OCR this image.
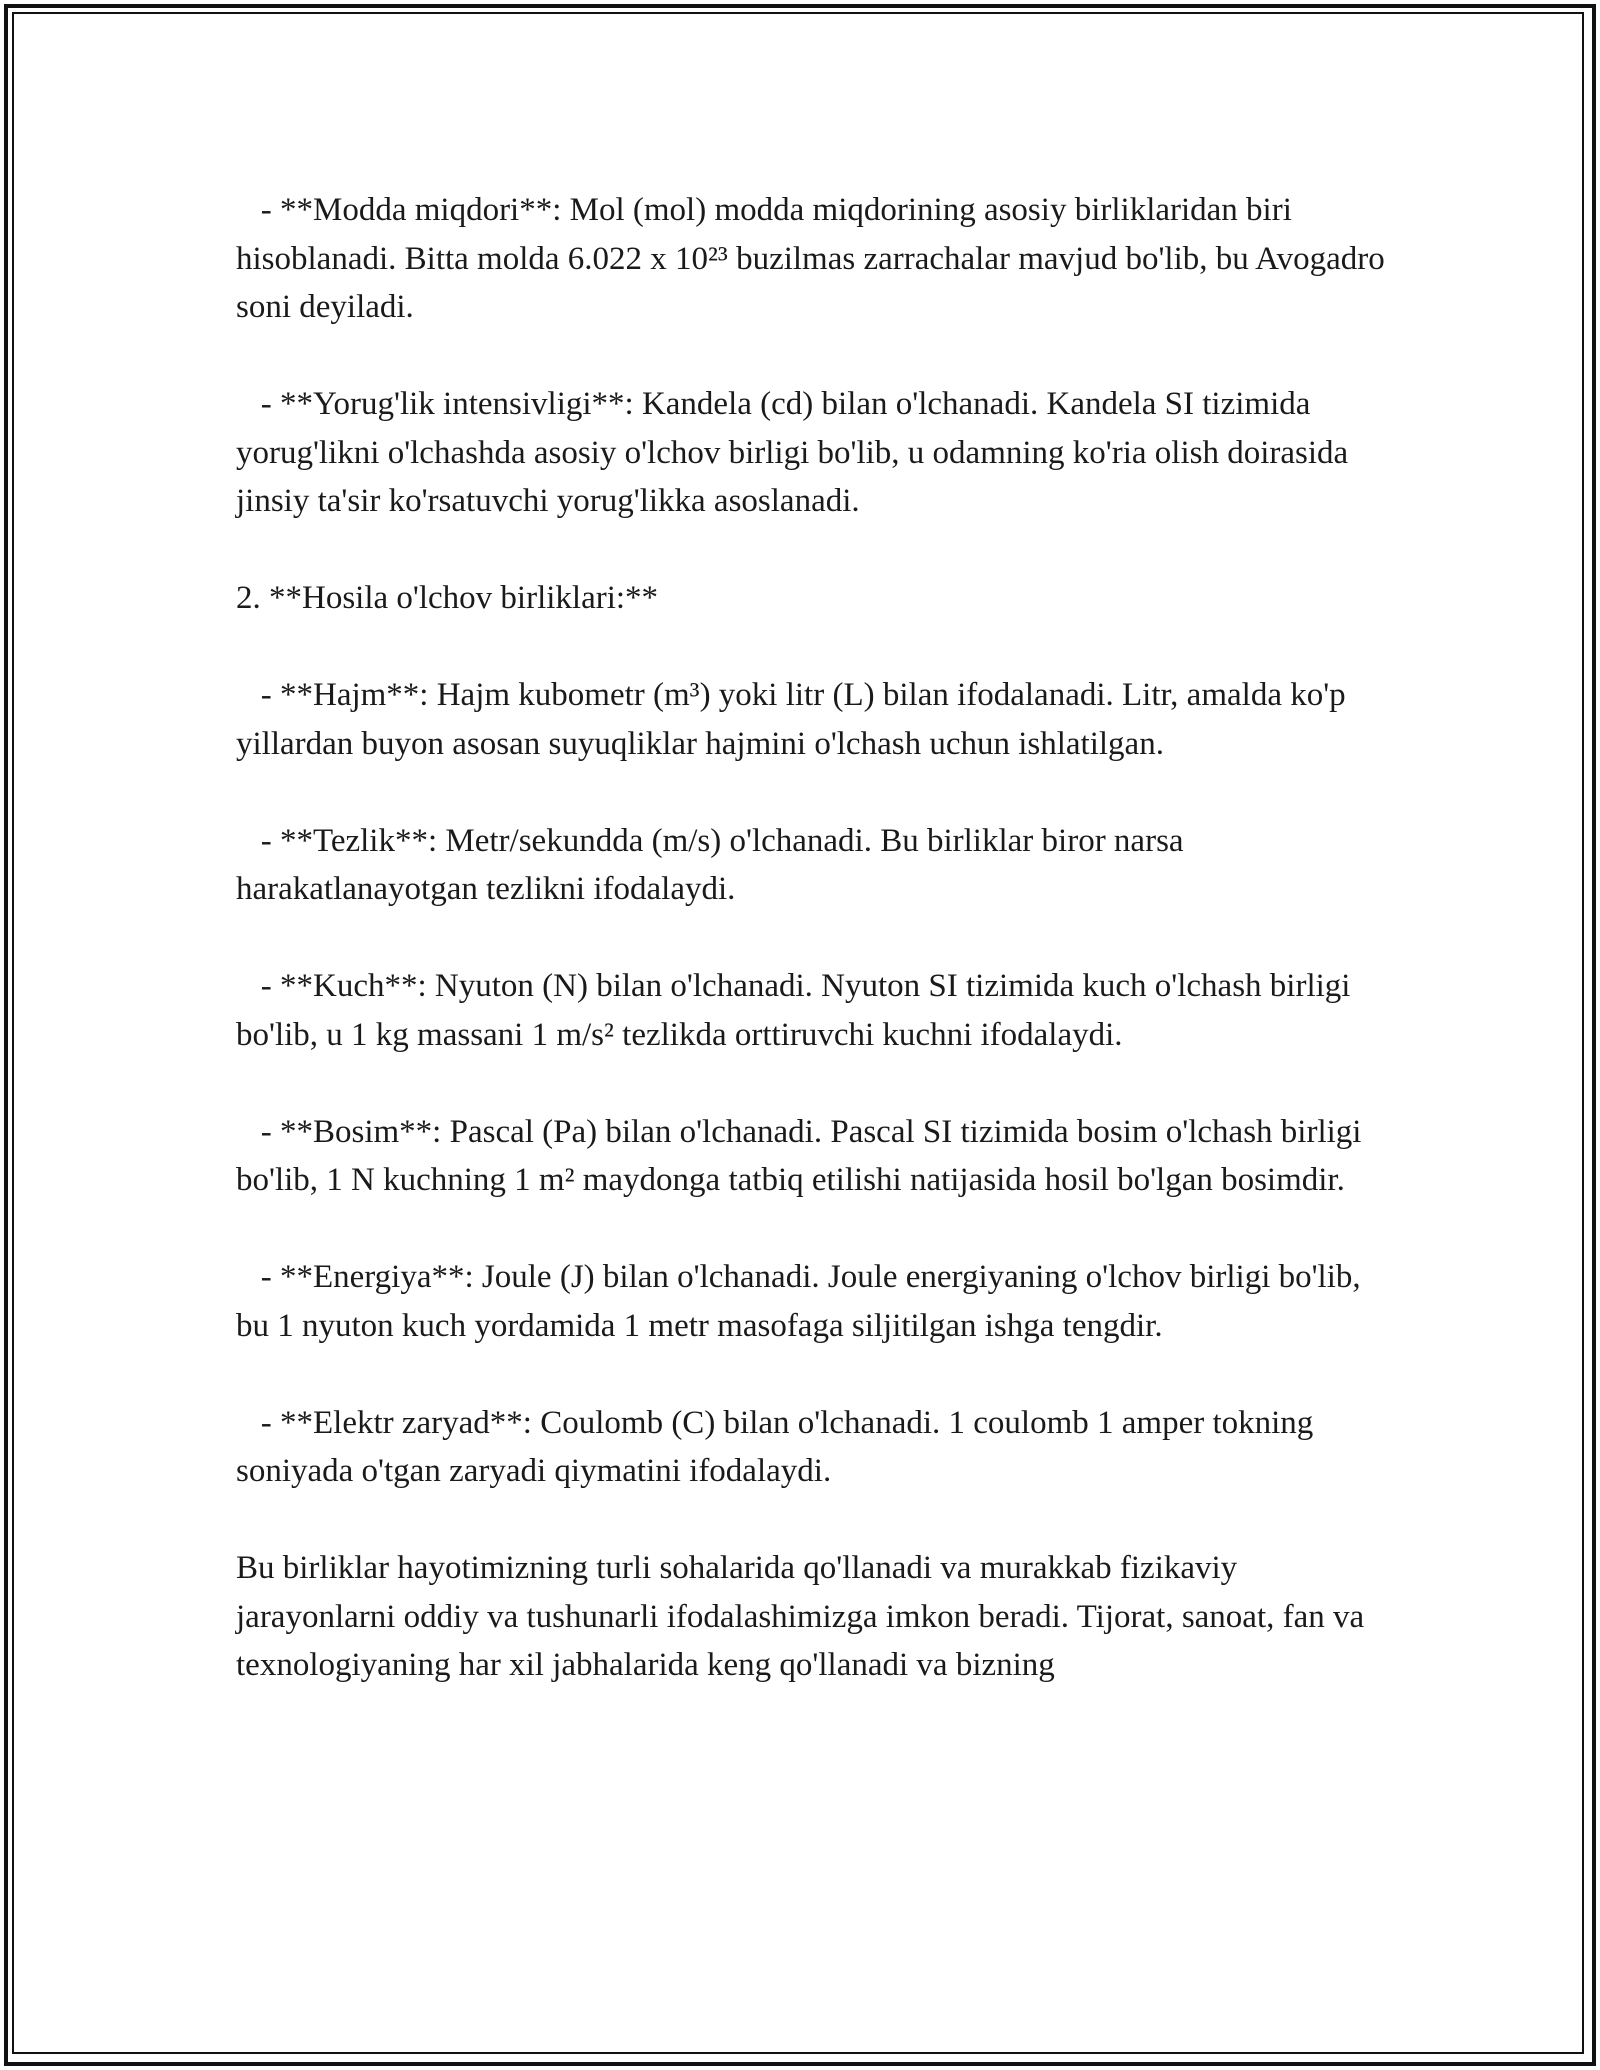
- **Modda miqdori**: Mol (mol) modda miqdorining asosiy birliklaridan biri hisoblanadi. Bitta molda 6.022 x 10²³ buzilmas zarrachalar mavjud bo'lib, bu Avogadro soni deyiladi.

- **Yorug'lik intensivligi**: Kandela (cd) bilan o'lchanadi. Kandela SI tizimida yorug'likni o'lchashda asosiy o'lchov birligi bo'lib, u odamning ko'ria olish doirasida jinsiy ta'sir ko'rsatuvchi yorug'likka asoslanadi.

2. **Hosila o'lchov birliklari:**

- **Hajm**: Hajm kubometr (m³) yoki litr (L) bilan ifodalanadi. Litr, amalda ko'p yillardan buyon asosan suyuqliklar hajmini o'lchash uchun ishlatilgan.

- **Tezlik**: Metr/sekundda (m/s) o'lchanadi. Bu birliklar biror narsa harakatlanayotgan tezlikni ifodalaydi.

- **Kuch**: Nyuton (N) bilan o'lchanadi. Nyuton SI tizimida kuch o'lchash birligi bo'lib, u 1 kg massani 1 m/s² tezlikda orttiruvchi kuchni ifodalaydi.

- **Bosim**: Pascal (Pa) bilan o'lchanadi. Pascal SI tizimida bosim o'lchash birligi bo'lib, 1 N kuchning 1 m² maydonga tatbiq etilishi natijasida hosil bo'lgan bosimdir.

- **Energiya**: Joule (J) bilan o'lchanadi. Joule energiyaning o'lchov birligi bo'lib, bu 1 nyuton kuch yordamida 1 metr masofaga siljitilgan ishga tengdir.

- **Elektr zaryad**: Coulomb (C) bilan o'lchanadi. 1 coulomb 1 amper tokning soniyada o'tgan zaryadi qiymatini ifodalaydi.

Bu birliklar hayotimizning turli sohalarida qo'llanadi va murakkab fizikaviy jarayonlarni oddiy va tushunarli ifodalashimizga imkon beradi. Tijorat, sanoat, fan va texnologiyaning har xil jabhalarida keng qo'llanadi va bizning
